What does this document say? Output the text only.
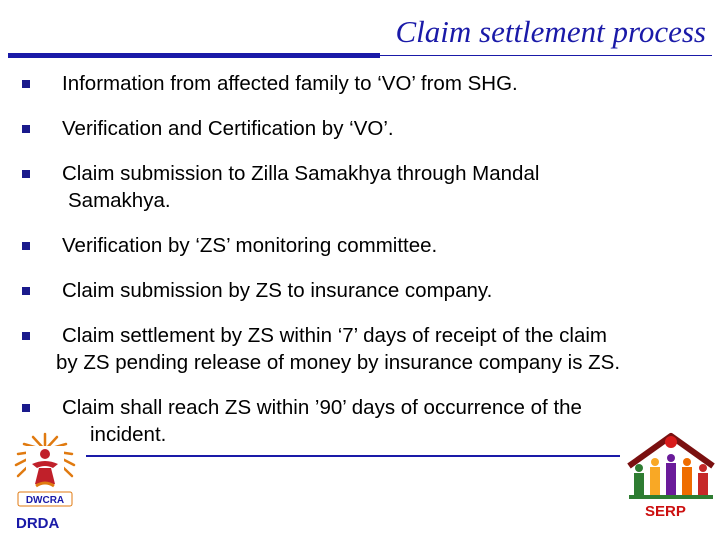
Claim settlement process
Information from affected family to ‘VO’ from SHG.
Verification and Certification by ‘VO’.
Claim submission to Zilla Samakhya through Mandal
Samakhya.
Verification by ‘ZS’ monitoring committee.
Claim submission by ZS to insurance company.
Claim settlement by ZS within ‘7’ days of receipt of the claim
by ZS pending release of money by insurance company is ZS.
Claim shall reach ZS within ’90’ days of occurrence of the
incident.
DWCRA
DRDA
SERP
